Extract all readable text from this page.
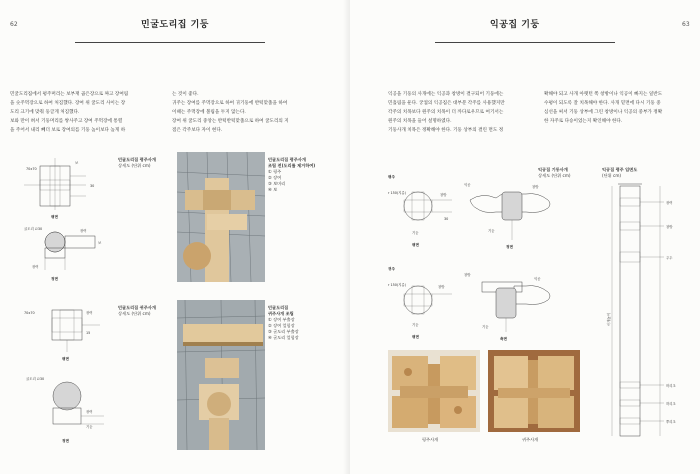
62	민굴도리집 기둥

민굴도리집에서 평주머리는 보부재 곱은장으로 짜고 장여림

을 숫주먹장으로 하여 처짐했다. 장여 위 굴도리 사이는 장

도리 크기에 맞춰 둥글게 처짐했다.

보와 만이 혀서 기둥머리를 쌍사주고 장여 주먹장에 통렬

을 주어서 내리 빼더 보로 장여의를 기둥 높이보다 높게 하

는 것이 좋다.

귀주는 장여를 주먹장으로 하여 귀기둥에 반턱맞춤을 하여

이때는 주먹장에 볼림을 두지 않는다.

장여 위 굴도리 중앙는 반턱반턱맞춤으로 하여 굴도리의 지

점은 각주보다 자이 현다.

70x70
보
30
평면
굴도리 ∅30	장여
보
장여
정면
민굴도리집 평주사개
상세도 (단위 cm)
민굴도리집 평주사개
조립 전(도리를 제거하여)
① 평주
② 장여
③ 보머리
④ 보
70x70	장여
15
평면
굴도리 ∅30
장여
기둥
정면
민굴도리집 귀주사개
상세도 (단위 cm)
민굴도리집
귀주사개 조립
① 장여 부출장
② 장여 엎힘장
③ 굴도리 부출장
④ 굴도리 엎힘장
63
익공집 기둥

익공을 기둥의 사개에는 익공과 창방이 결구되어 기둥에는

민흘림을 둔다. 궁궐의 익공집은 대부분 각주를 사용했지만

각주의 치목보다 원주의 치목이 더 까다로우므로 여기서는

원주의 치목을 들어 설명하였다.

기둥사개 치목은 정확해야 한다. 기둥 상부의 결린 면도 정

확해야 되고 사개 아랫턴 쪽 창방이나 익공이 빠지는 일반도

수평이 되도록 잘 치목해야 한다. 사개 밑면에 다시 기둥 중

심선을 써서 기둥 상부에 그린 창방이나 익공의 중부가 정확

한 자주로 다승이었는지 확인해야 한다.

평주
r 150(지름)	창방
30
기둥
평면
익공	창방
기둥
정면
익공집 기둥사개
상세도 (단위 cm)
귀주
r 150(지름)	창방
기둥
평면
창방
익공
기둥
측면
평주사개	귀주사개
익공집 평주 입면도
(단위 cm)
장여
창방
주두
사개높이
머리초
허리초
뿌리초
